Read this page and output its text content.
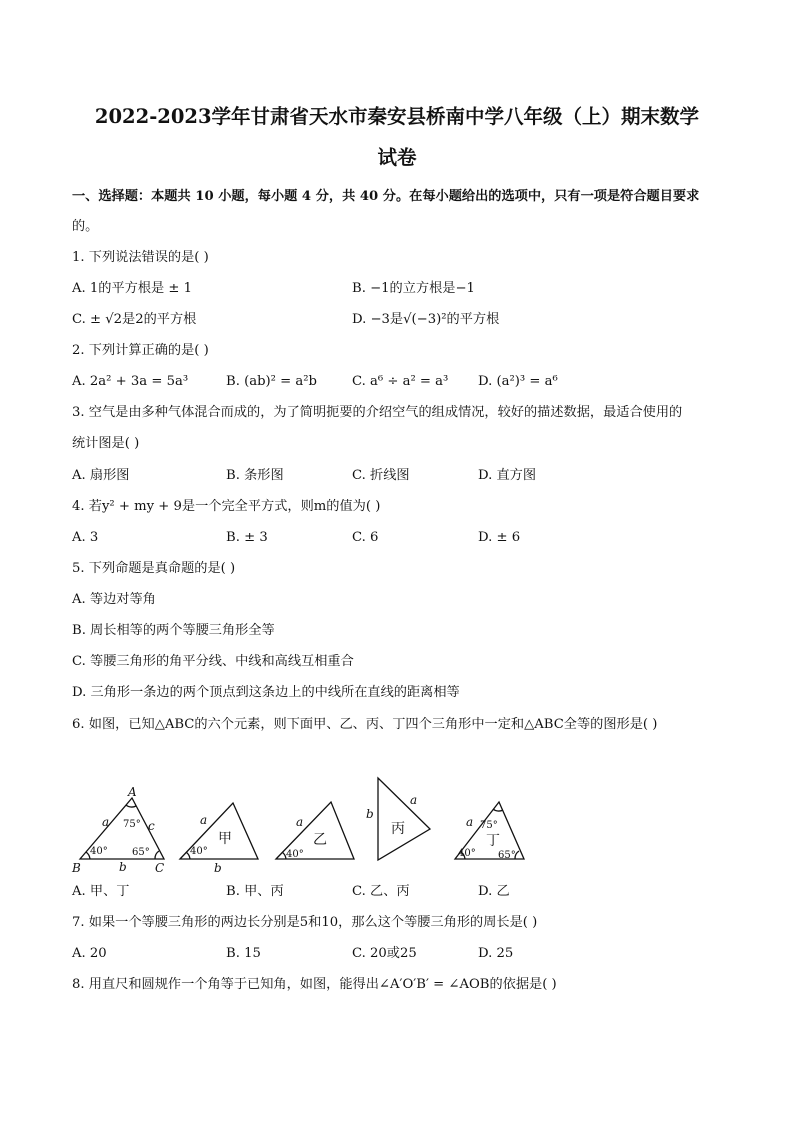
2022-2023学年甘肃省天水市秦安县桥南中学八年级（上）期末数学
试卷
一、选择题：本题共 10 小题，每小题 4 分，共 40 分。在每小题给出的选项中，只有一项是符合题目要求
的。
1. 下列说法错误的是( )
A. 1的平方根是 ± 1	B. −1的立方根是−1
C. ± √2是2的平方根	D. −3是√(−3)²的平方根
2. 下列计算正确的是( )
A. 2a² + 3a = 5a³	B. (ab)² = a²b	C. a⁶ ÷ a² = a³ D. (a²)³ = a⁶
3. 空气是由多种气体混合而成的，为了简明扼要的介绍空气的组成情况，较好的描述数据，最适合使用的
统计图是( )
A. 扇形图	B. 条形图	C. 折线图	D. 直方图
4. 若y² + my + 9是一个完全平方式，则m的值为( )
A. 3	B. ± 3	C. 6	D. ± 6
5. 下列命题是真命题的是( )
A. 等边对等角
B. 周长相等的两个等腰三角形全等
C. 等腰三角形的角平分线、中线和高线互相重合
D. 三角形一条边的两个顶点到这条边上的中线所在直线的距离相等
6. 如图，已知△ABC的六个元素，则下面甲、乙、丙、丁四个三角形中一定和△ABC全等的图形是( )
A
B	C
a
b
c	a
b
a
b
a
a
40°
75°
65°	40°	40°
75°
40° 65°
甲	乙
丙
丁
A. 甲、丁	B. 甲、丙	C. 乙、丙	D. 乙
7. 如果一个等腰三角形的两边长分别是5和10，那么这个等腰三角形的周长是( )
A. 20	B. 15	C. 20或25	D. 25
8. 用直尺和圆规作一个角等于已知角，如图，能得出∠A′O′B′ = ∠AOB的依据是( )
